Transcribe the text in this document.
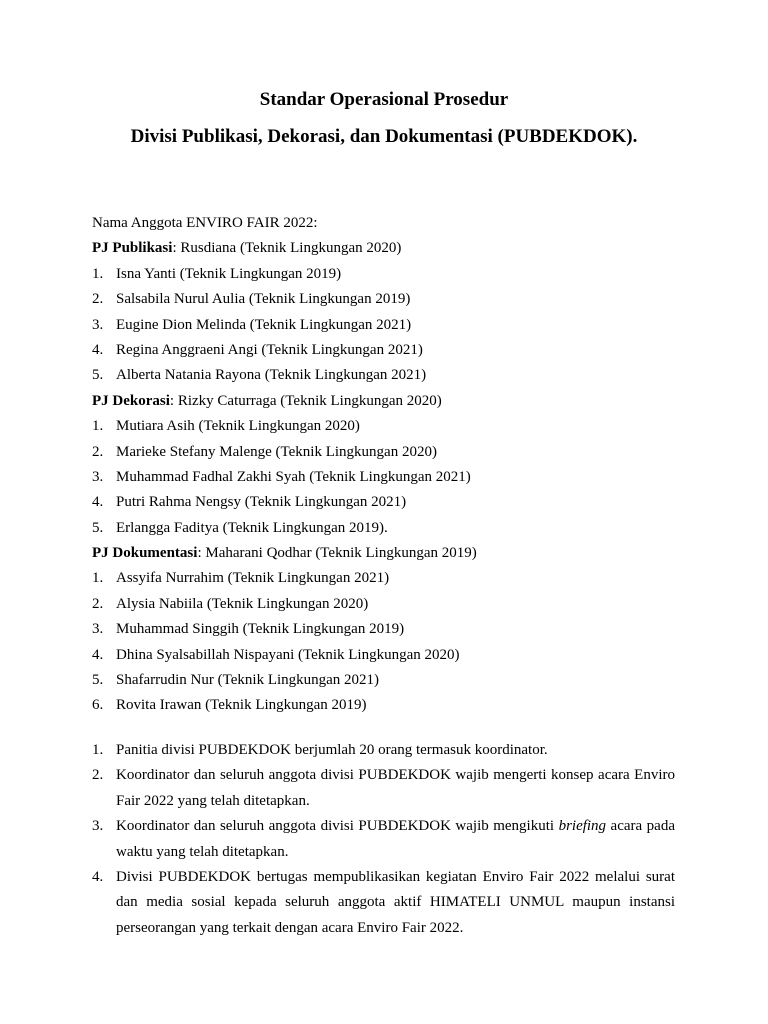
Standar Operasional Prosedur
Divisi Publikasi, Dekorasi, dan Dokumentasi (PUBDEKDOK).
Nama Anggota ENVIRO FAIR 2022:
PJ Publikasi: Rusdiana (Teknik Lingkungan 2020)
1. Isna Yanti (Teknik Lingkungan 2019)
2. Salsabila Nurul Aulia (Teknik Lingkungan 2019)
3. Eugine Dion Melinda (Teknik Lingkungan 2021)
4. Regina Anggraeni Angi (Teknik Lingkungan 2021)
5. Alberta Natania Rayona (Teknik Lingkungan 2021)
PJ Dekorasi: Rizky Caturraga (Teknik Lingkungan 2020)
1. Mutiara Asih (Teknik Lingkungan 2020)
2. Marieke Stefany Malenge (Teknik Lingkungan 2020)
3. Muhammad Fadhal Zakhi Syah (Teknik Lingkungan 2021)
4. Putri Rahma Nengsy (Teknik Lingkungan 2021)
5. Erlangga Faditya (Teknik Lingkungan 2019).
PJ Dokumentasi: Maharani Qodhar (Teknik Lingkungan 2019)
1. Assyifa Nurrahim (Teknik Lingkungan 2021)
2. Alysia Nabiila (Teknik Lingkungan 2020)
3. Muhammad Singgih (Teknik Lingkungan 2019)
4. Dhina Syalsabillah Nispayani (Teknik Lingkungan 2020)
5. Shafarrudin Nur (Teknik Lingkungan 2021)
6. Rovita Irawan (Teknik Lingkungan 2019)
1. Panitia divisi PUBDEKDOK berjumlah 20 orang termasuk koordinator.
2. Koordinator dan seluruh anggota divisi PUBDEKDOK wajib mengerti konsep acara Enviro Fair 2022 yang telah ditetapkan.
3. Koordinator dan seluruh anggota divisi PUBDEKDOK wajib mengikuti briefing acara pada waktu yang telah ditetapkan.
4. Divisi PUBDEKDOK bertugas mempublikasikan kegiatan Enviro Fair 2022 melalui surat dan media sosial kepada seluruh anggota aktif HIMATELI UNMUL maupun instansi perseorangan yang terkait dengan acara Enviro Fair 2022.
